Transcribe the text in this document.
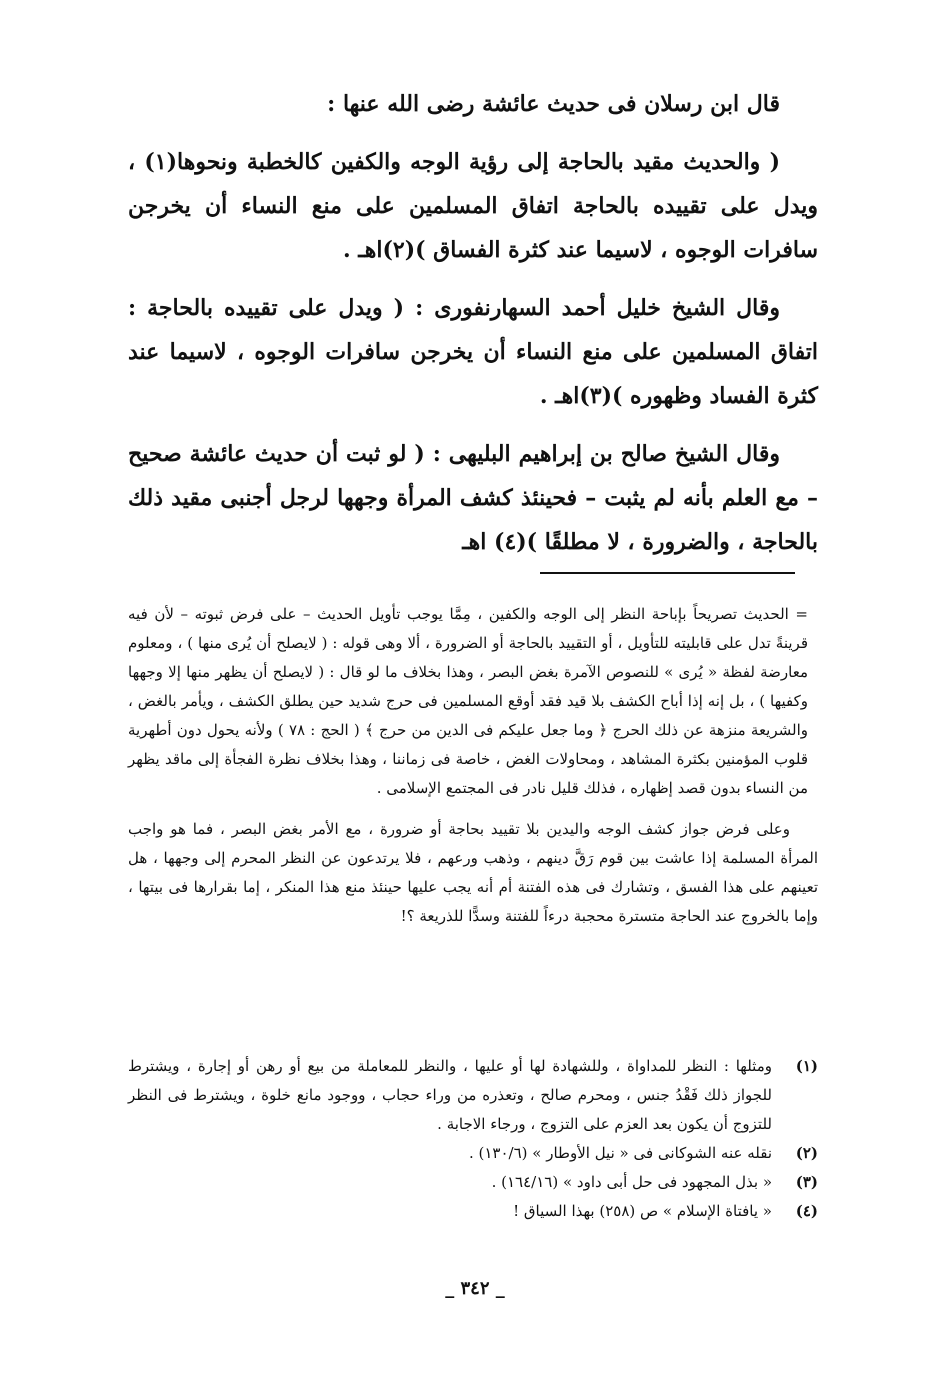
قال ابن رسلان فى حديث عائشة رضى الله عنها :

( والحديث مقيد بالحاجة إلى رؤية الوجه والكفين كالخطبة ونحوها(١) ، ويدل على تقييده بالحاجة اتفاق المسلمين على منع النساء أن يخرجن سافرات الوجوه ، لاسيما عند كثرة الفساق )(٢)اهـ .

وقال الشيخ خليل أحمد السهارنفورى : ( ويدل على تقييده بالحاجة : اتفاق المسلمين على منع النساء أن يخرجن سافرات الوجوه ، لاسيما عند كثرة الفساد وظهوره )(٣)اهـ .

وقال الشيخ صالح بن إبراهيم البليهى : ( لو ثبت أن حديث عائشة صحيح – مع العلم بأنه لم يثبت – فحينئذ كشف المرأة وجهها لرجل أجنبى مقيد ذلك بالحاجة ، والضرورة ، لا مطلقًا )(٤) اهـ

= الحديث تصريحاً بإباحة النظر إلى الوجه والكفين ، مِمَّا يوجب تأويل الحديث – على فرض ثبوته – لأن فيه قرينةً تدل على قابليته للتأويل ، أو التقييد بالحاجة أو الضرورة ، ألا وهى قوله : ( لايصلح أن يُرى منها ) ، ومعلوم معارضة لفظة « يُرى » للنصوص الآمرة بغض البصر ، وهذا بخلاف ما لو قال : ( لايصلح أن يظهر منها إلا وجهها وكفيها ) ، بل إنه إذا أباح الكشف بلا قيد فقد أوقع المسلمين فى حرج شديد حين يطلق الكشف ، ويأمر بالغض ، والشريعة منزهة عن ذلك الحرج ﴿ وما جعل عليكم فى الدين من حرج ﴾ ( الحج : ٧٨ ) ولأنه يحول دون أطهرية قلوب المؤمنين بكثرة المشاهد ، ومحاولات الغض ، خاصة فى زماننا ، وهذا بخلاف نظرة الفجأة إلى ماقد يظهر من النساء بدون قصد إظهاره ، فذلك قليل نادر فى المجتمع الإسلامى .

وعلى فرض جواز كشف الوجه واليدين بلا تقييد بحاجة أو ضرورة ، مع الأمر بغض البصر ، فما هو واجب المرأة المسلمة إذا عاشت بين قوم رَقَّ دينهم ، وذهب ورعهم ، فلا يرتدعون عن النظر المحرم إلى وجهها ، هل تعينهم على هذا الفسق ، وتشارك فى هذه الفتنة أم أنه يجب عليها حينئذ منع هذا المنكر ، إما بقرارها فى بيتها ، وإما بالخروج عند الحاجة متسترة محجبة درءاً للفتنة وسدًّا للذريعة ؟!

(١)
ومثلها : النظر للمداواة ، وللشهادة لها أو عليها ، والنظر للمعاملة من بيع أو رهن أو إجارة ، ويشترط للجواز ذلك فَقْدُ جنس ، ومحرم صالح ، وتعذره من وراء حجاب ، ووجود مانع خلوة ، ويشترط فى النظر للتزوج أن يكون بعد العزم على التزوج ، ورجاء الاجابة .
(٢)
نقله عنه الشوكانى فى « نيل الأوطار » (١٣٠/٦) .
(٣)
« بذل المجهود فى حل أبى داود » (١٦٤/١٦) .
(٤)
« يافتاة الإسلام » ص (٢٥٨) بهذا السياق !
_ ٣٤٢ _
